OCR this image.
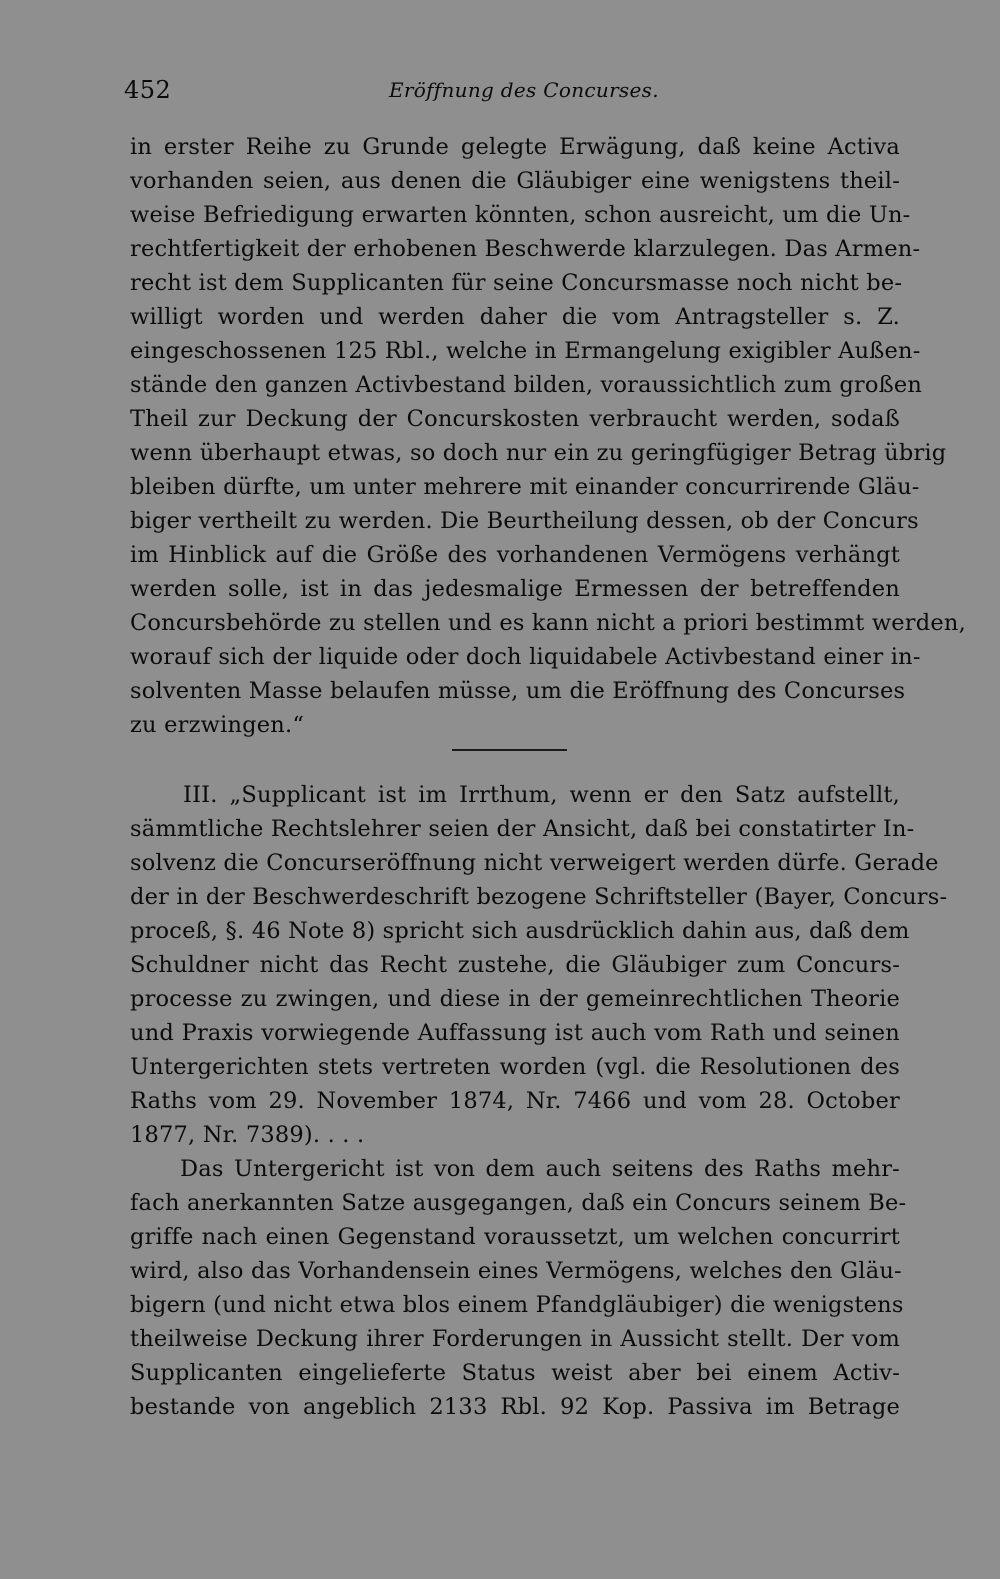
452	Eröffnung des Concurses.
in erster Reihe zu Grunde gelegte Erwägung, daß keine Activa
vorhanden seien, aus denen die Gläubiger eine wenigstens theil-
weise Befriedigung erwarten könnten, schon ausreicht, um die Un-
rechtfertigkeit der erhobenen Beschwerde klarzulegen. Das Armen-
recht ist dem Supplicanten für seine Concursmasse noch nicht be-
willigt worden und werden daher die vom Antragsteller s. Z.
eingeschossenen 125 Rbl., welche in Ermangelung exigibler Außen-
stände den ganzen Activbestand bilden, voraussichtlich zum großen
Theil zur Deckung der Concurskosten verbraucht werden, sodaß
wenn überhaupt etwas, so doch nur ein zu geringfügiger Betrag übrig
bleiben dürfte, um unter mehrere mit einander concurrirende Gläu-
biger vertheilt zu werden. Die Beurtheilung dessen, ob der Concurs
im Hinblick auf die Größe des vorhandenen Vermögens verhängt
werden solle, ist in das jedesmalige Ermessen der betreffenden
Concursbehörde zu stellen und es kann nicht a priori bestimmt werden,
worauf sich der liquide oder doch liquidabele Activbestand einer in-
solventen Masse belaufen müsse, um die Eröffnung des Concurses
zu erzwingen.“
III. „Supplicant ist im Irrthum, wenn er den Satz aufstellt,
sämmtliche Rechtslehrer seien der Ansicht, daß bei constatirter In-
solvenz die Concurseröffnung nicht verweigert werden dürfe. Gerade
der in der Beschwerdeschrift bezogene Schriftsteller (Bayer, Concurs-
proceß, §. 46 Note 8) spricht sich ausdrücklich dahin aus, daß dem
Schuldner nicht das Recht zustehe, die Gläubiger zum Concurs-
processe zu zwingen, und diese in der gemeinrechtlichen Theorie
und Praxis vorwiegende Auffassung ist auch vom Rath und seinen
Untergerichten stets vertreten worden (vgl. die Resolutionen des
Raths vom 29. November 1874, Nr. 7466 und vom 28. October
1877, Nr. 7389). . . .
Das Untergericht ist von dem auch seitens des Raths mehr-
fach anerkannten Satze ausgegangen, daß ein Concurs seinem Be-
griffe nach einen Gegenstand voraussetzt, um welchen concurrirt
wird, also das Vorhandensein eines Vermögens, welches den Gläu-
bigern (und nicht etwa blos einem Pfandgläubiger) die wenigstens
theilweise Deckung ihrer Forderungen in Aussicht stellt. Der vom
Supplicanten eingelieferte Status weist aber bei einem Activ-
bestande von angeblich 2133 Rbl. 92 Kop. Passiva im Betrage
